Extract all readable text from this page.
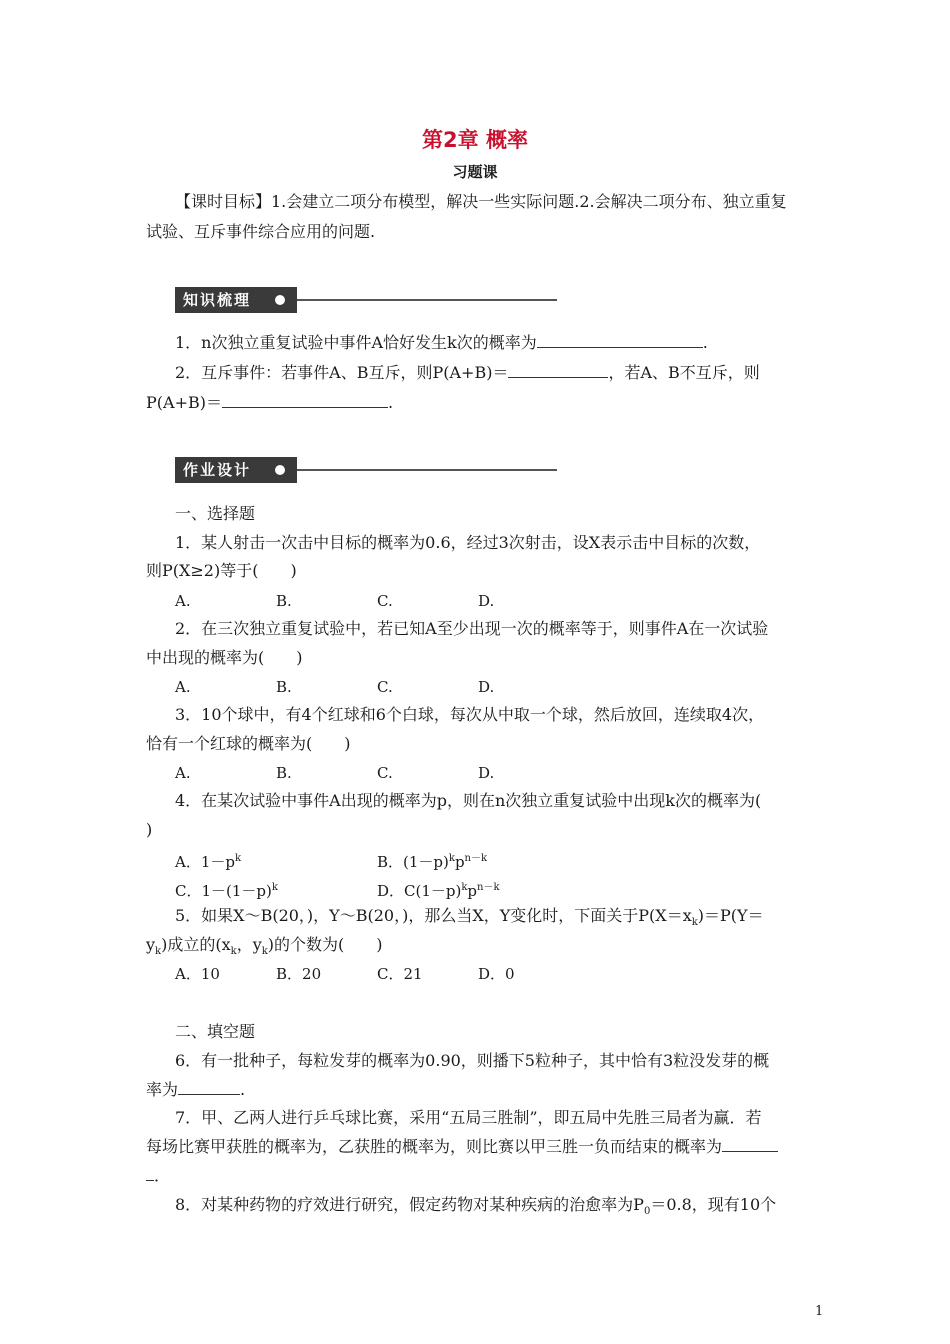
第2章 概率
习题课
【课时目标】1.会建立二项分布模型，解决一些实际问题.2.会解决二项分布、独立重复
试验、互斥事件综合应用的问题.
知识梳理
1．n次独立重复试验中事件A恰好发生k次的概率为	.
2．互斥事件：若事件A、B互斥，则P(A+B)＝	，若A、B不互斥，则
P(A+B)＝	.
作业设计
一、选择题
1．某人射击一次击中目标的概率为0.6，经过3次射击，设X表示击中目标的次数，
则P(X≥2)等于(　　)
A.	B.	C.	D.
2．在三次独立重复试验中，若已知A至少出现一次的概率等于，则事件A在一次试验
中出现的概率为(　　)
A.	B.	C.	D.
3．10个球中，有4个红球和6个白球，每次从中取一个球，然后放回，连续取4次，
恰有一个红球的概率为(　　)
A.	B.	C.	D.
4．在某次试验中事件A出现的概率为p，则在n次独立重复试验中出现k次的概率为(
)
A．$1-p^k$	B．$(1-p)^kp^{n-k}$
C．$1-(1-p)^k$	D．$C(1-p)^kp^{n-k}$
5．如果X～B(20，)，Y～B(20，)，那么当X，Y变化时，下面关于$P(X=x_k)=P(Y=$
$y_k$)成立的($x_k$，$y_k$)的个数为(　　)
A．10	B．20	C．21	D．0
二、填空题
6．有一批种子，每粒发芽的概率为0.90，则播下5粒种子，其中恰有3粒没发芽的概
率为	.
7．甲、乙两人进行乒乓球比赛，采用“五局三胜制”，即五局中先胜三局者为赢．若
每场比赛甲获胜的概率为，乙获胜的概率为，则比赛以甲三胜一负而结束的概率为
．
8．对某种药物的疗效进行研究，假定药物对某种疾病的治愈率为$P_0=0.8$，现有10个
1
